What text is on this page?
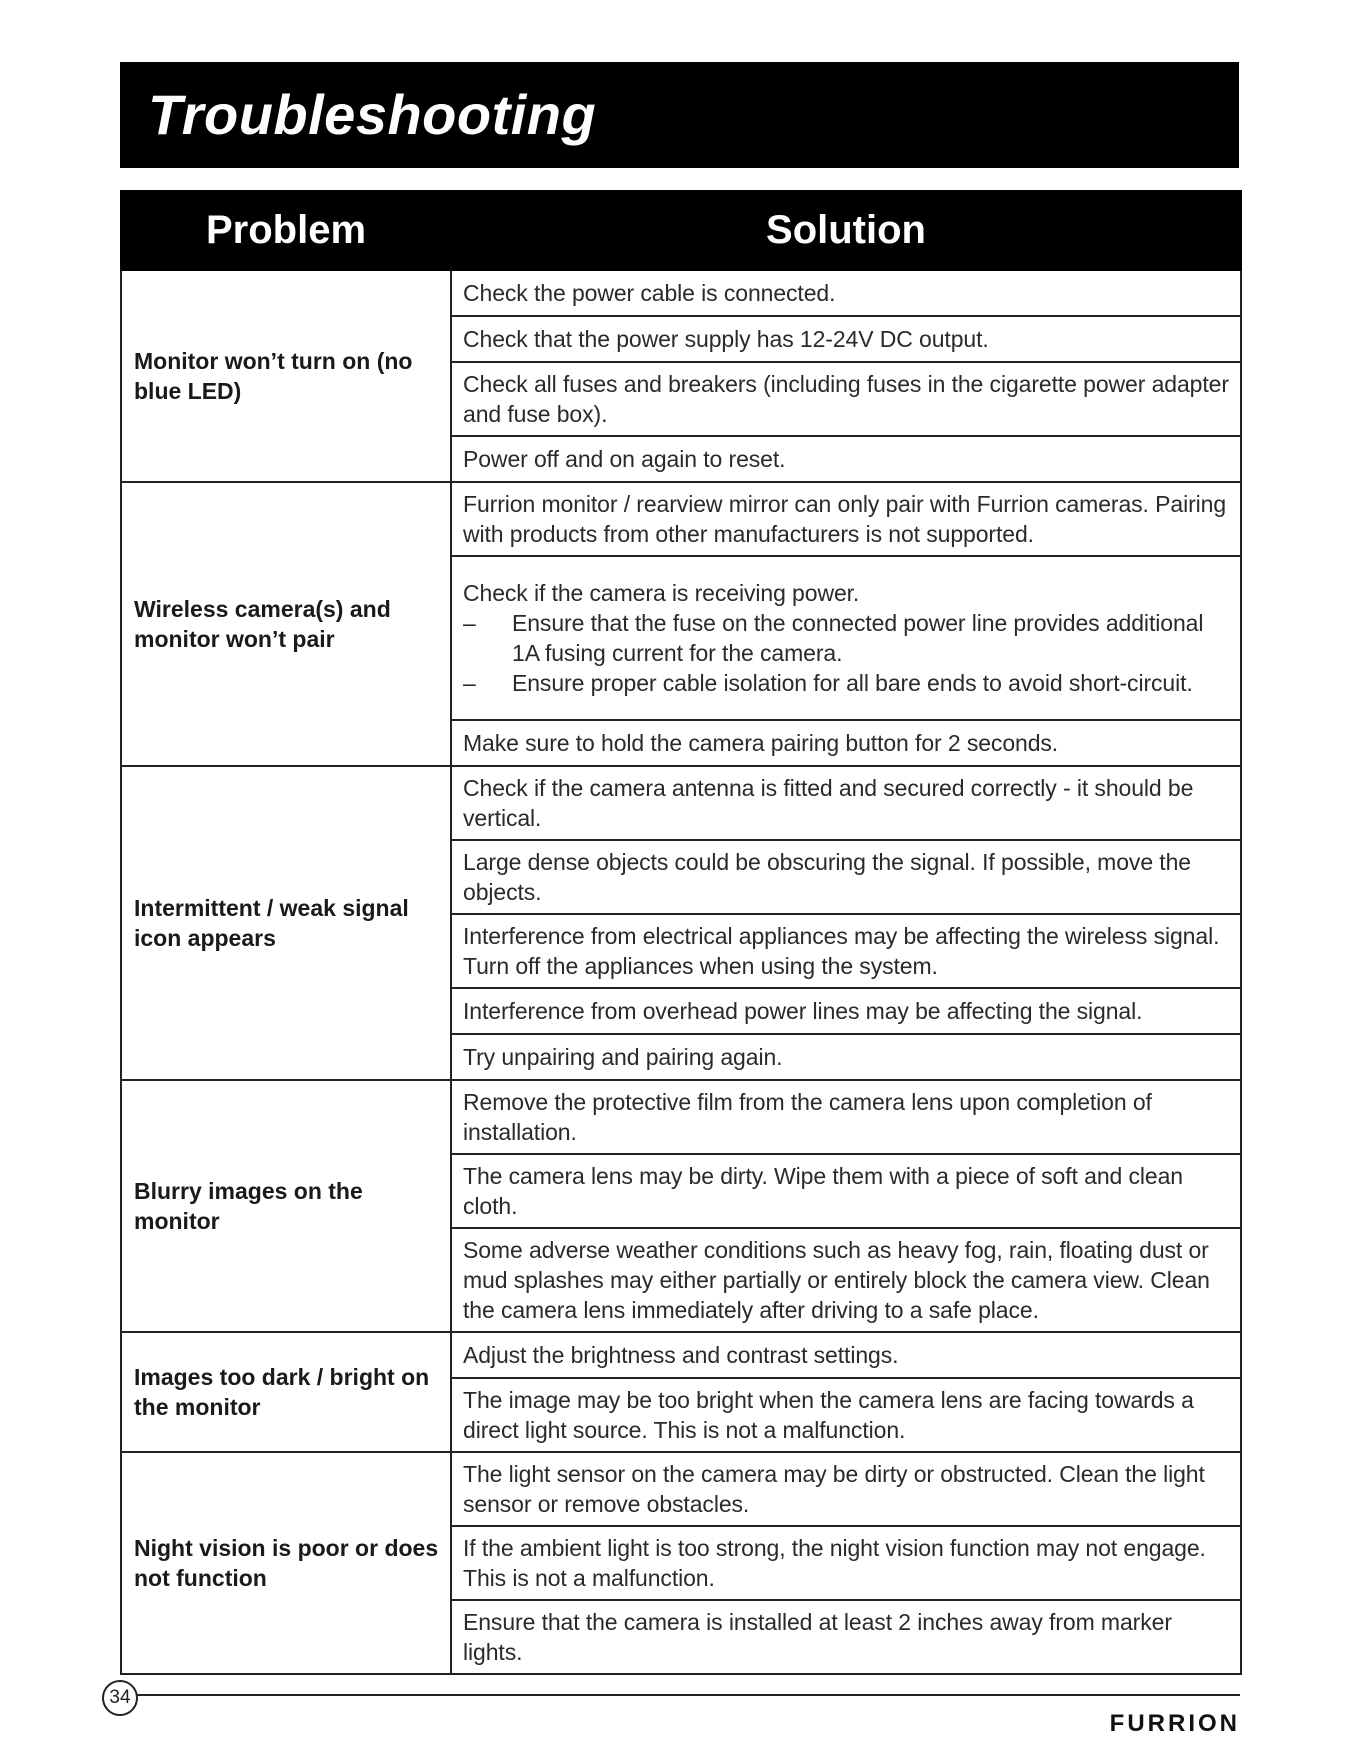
Troubleshooting
Problem	Solution
Monitor won’t turn on (no blue LED)	Check the power cable is connected.
	Check that the power supply has 12-24V DC output.
	Check all fuses and breakers (including fuses in the cigarette power adapter and fuse box).
	Power off and on again to reset.
Wireless camera(s) and monitor won’t pair	Furrion monitor / rearview mirror can only pair with Furrion cameras. Pairing with products from other manufacturers is not supported.

	Check if the camera is receiving power.
– Ensure that the fuse on the connected power line provides additional 1A fusing current for the camera.
– Ensure proper cable isolation for all bare ends to avoid short-circuit.

	Make sure to hold the camera pairing button for 2 seconds.
Intermittent / weak signal icon appears	Check if the camera antenna is fitted and secured correctly - it should be vertical.
	Large dense objects could be obscuring the signal. If possible, move the objects.
	Interference from electrical appliances may be affecting the wireless signal. Turn off the appliances when using the system.
	Interference from overhead power lines may be affecting the signal.
	Try unpairing and pairing again.
Blurry images on the monitor	Remove the protective film from the camera lens upon completion of installation.
	The camera lens may be dirty. Wipe them with a piece of soft and clean cloth.
	Some adverse weather conditions such as heavy fog, rain, floating dust or mud splashes may either partially or entirely block the camera view. Clean the camera lens immediately after driving to a safe place.
Images too dark / bright on the monitor	Adjust the brightness and contrast settings.
	The image may be too bright when the camera lens are facing towards a direct light source. This is not a malfunction.
Night vision is poor or does not function	The light sensor on the camera may be dirty or obstructed. Clean the light sensor or remove obstacles.
	If the ambient light is too strong, the night vision function may not engage. This is not a malfunction.
	Ensure that the camera is installed at least 2 inches away from marker lights.
34
FURRION
